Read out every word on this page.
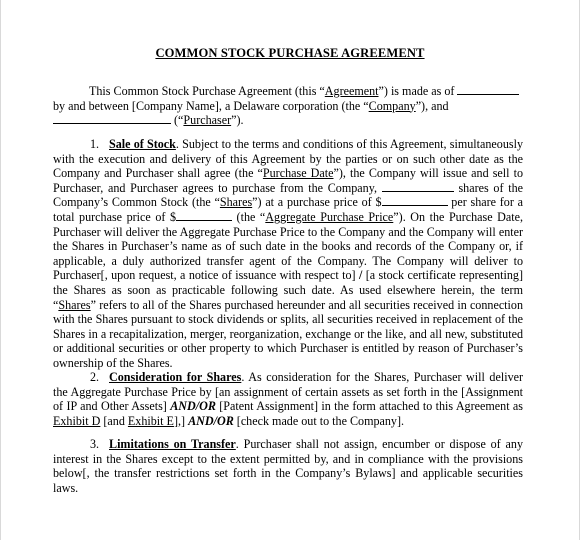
COMMON STOCK PURCHASE AGREEMENT
This Common Stock Purchase Agreement (this “Agreement”) is made as of
by and between [Company Name], a Delaware corporation (the “Company”), and
(“Purchaser”).
1. Sale of Stock. Subject to the terms and conditions of this Agreement, simultaneously with the execution and delivery of this Agreement by the parties or on such other date as the Company and Purchaser shall agree (the “Purchase Date”), the Company will issue and sell to Purchaser, and Purchaser agrees to purchase from the Company,	shares of the Company’s Common Stock (the “Shares”) at a purchase price of $	per share for a total purchase price of $	(the “Aggregate Purchase Price”). On the Purchase Date, Purchaser will deliver the Aggregate Purchase Price to the Company and the Company will enter the Shares in Purchaser’s name as of such date in the books and records of the Company or, if applicable, a duly authorized transfer agent of the Company. The Company will deliver to Purchaser[, upon request, a notice of issuance with respect to] / [a stock certificate representing] the Shares as soon as practicable following such date. As used elsewhere herein, the term “Shares” refers to all of the Shares purchased hereunder and all securities received in connection with the Shares pursuant to stock dividends or splits, all securities received in replacement of the Shares in a recapitalization, merger, reorganization, exchange or the like, and all new, substituted or additional securities or other property to which Purchaser is entitled by reason of Purchaser’s ownership of the Shares.
2. Consideration for Shares. As consideration for the Shares, Purchaser will deliver the Aggregate Purchase Price by [an assignment of certain assets as set forth in the [Assignment of IP and Other Assets] AND/OR [Patent Assignment] in the form attached to this Agreement as Exhibit D [and Exhibit E],] AND/OR [check made out to the Company].
3. Limitations on Transfer. Purchaser shall not assign, encumber or dispose of any interest in the Shares except to the extent permitted by, and in compliance with the provisions below[, the transfer restrictions set forth in the Company’s Bylaws] and applicable securities laws.
